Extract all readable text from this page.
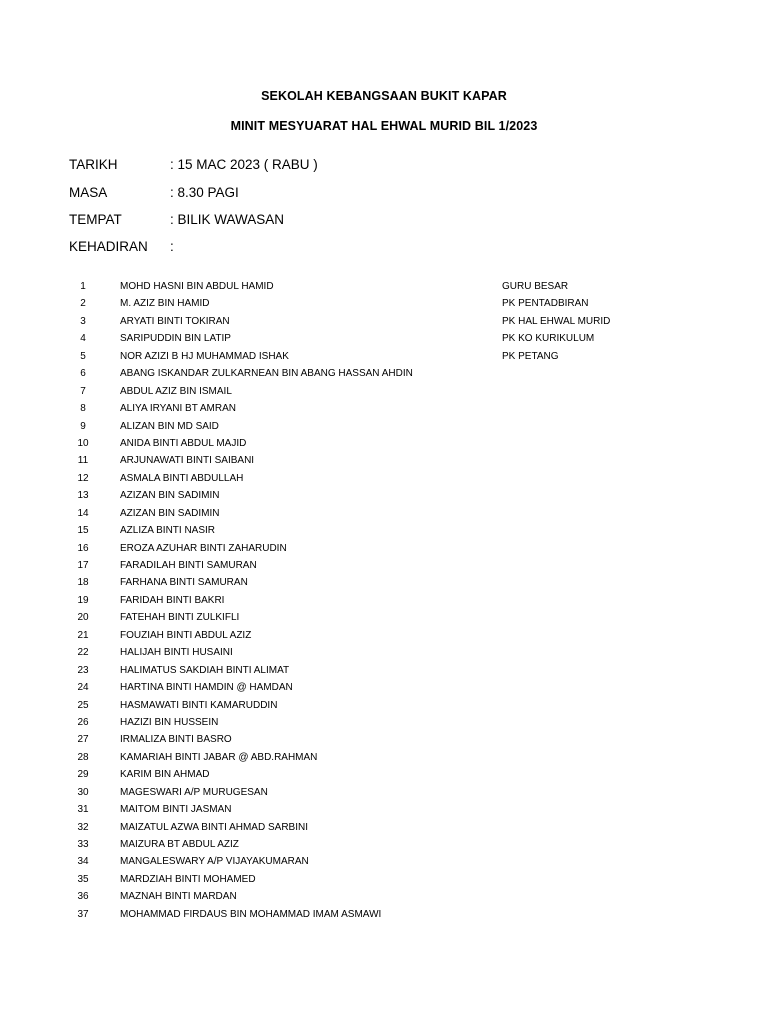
SEKOLAH KEBANGSAAN BUKIT KAPAR
MINIT MESYUARAT HAL EHWAL MURID BIL 1/2023
TARIKH	: 15 MAC 2023 ( RABU )
MASA	: 8.30 PAGI
TEMPAT	: BILIK WAWASAN
KEHADIRAN :
1	MOHD HASNI BIN ABDUL HAMID	GURU BESAR
2	M. AZIZ BIN HAMID	PK PENTADBIRAN
3	ARYATI BINTI TOKIRAN	PK HAL EHWAL MURID
4	SARIPUDDIN BIN LATIP	PK KO KURIKULUM
5	NOR AZIZI B HJ MUHAMMAD ISHAK	PK PETANG
6	ABANG ISKANDAR ZULKARNEAN BIN ABANG HASSAN AHDIN
7	ABDUL AZIZ BIN ISMAIL
8	ALIYA IRYANI BT AMRAN
9	ALIZAN BIN MD SAID
10	ANIDA BINTI ABDUL MAJID
11	ARJUNAWATI BINTI SAIBANI
12	ASMALA BINTI ABDULLAH
13	AZIZAN BIN SADIMIN
14	AZIZAN BIN SADIMIN
15	AZLIZA BINTI NASIR
16	EROZA AZUHAR BINTI ZAHARUDIN
17	FARADILAH BINTI SAMURAN
18	FARHANA BINTI SAMURAN
19	FARIDAH BINTI BAKRI
20	FATEHAH BINTI ZULKIFLI
21	FOUZIAH BINTI ABDUL AZIZ
22	HALIJAH BINTI HUSAINI
23	HALIMATUS SAKDIAH BINTI ALIMAT
24	HARTINA BINTI HAMDIN @ HAMDAN
25	HASMAWATI BINTI KAMARUDDIN
26	HAZIZI BIN HUSSEIN
27	IRMALIZA BINTI BASRO
28	KAMARIAH BINTI JABAR @ ABD.RAHMAN
29	KARIM BIN AHMAD
30	MAGESWARI A/P MURUGESAN
31	MAITOM BINTI JASMAN
32	MAIZATUL AZWA BINTI AHMAD SARBINI
33	MAIZURA BT ABDUL AZIZ
34	MANGALESWARY A/P VIJAYAKUMARAN
35	MARDZIAH BINTI MOHAMED
36	MAZNAH BINTI MARDAN
37	MOHAMMAD FIRDAUS BIN MOHAMMAD IMAM ASMAWI
